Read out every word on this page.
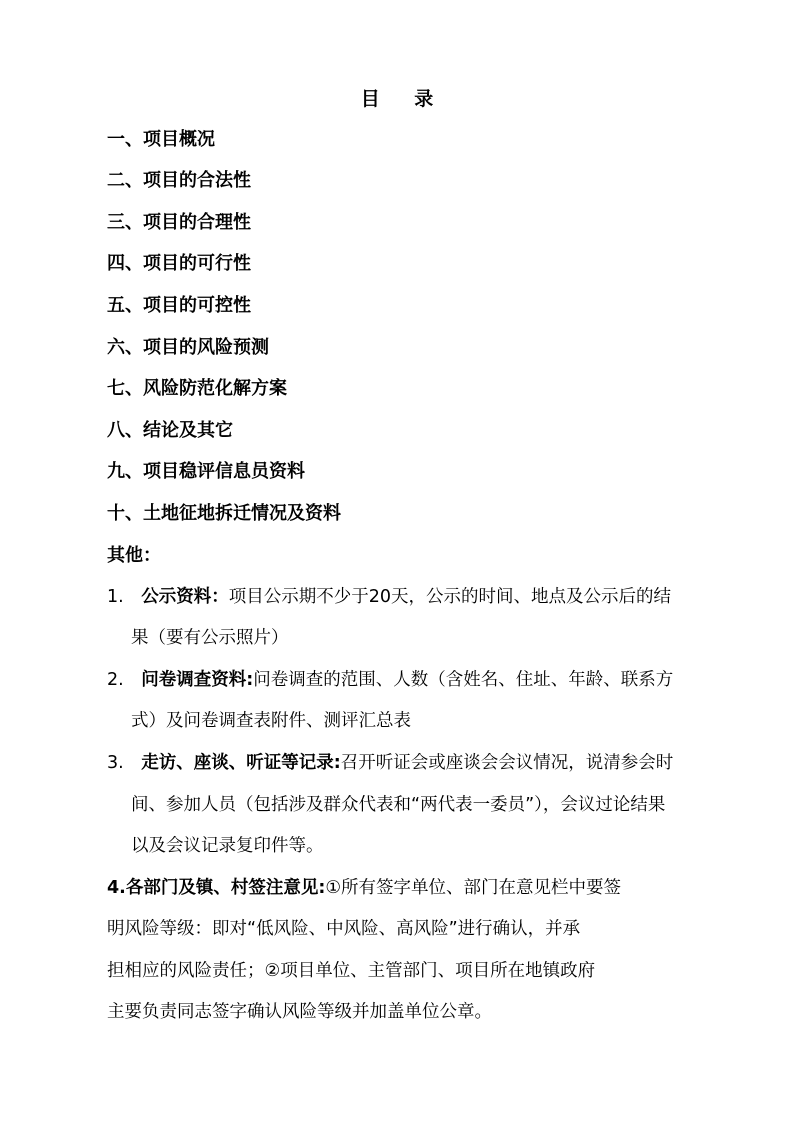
目 录
一、项目概况
二、项目的合法性
三、项目的合理性
四、项目的可行性
五、项目的可控性
六、项目的风险预测
七、风险防范化解方案
八、结论及其它
九、项目稳评信息员资料
十、土地征地拆迁情况及资料
其他：
1.  公示资料：项目公示期不少于20天，公示的时间、地点及公示后的结
果（要有公示照片）
2.  问卷调查资料:问卷调查的范围、人数（含姓名、住址、年龄、联系方
式）及问卷调查表附件、测评汇总表
3.  走访、座谈、听证等记录:召开听证会或座谈会会议情况，说清参会时
间、参加人员（包括涉及群众代表和“两代表一委员”），会议过论结果
以及会议记录复印件等。
4.各部门及镇、村签注意见:①所有签字单位、部门在意见栏中要签
明风险等级：即对“低风险、中风险、高风险”进行确认，并承
担相应的风险责任；②项目单位、主管部门、项目所在地镇政府
主要负责同志签字确认风险等级并加盖单位公章。
